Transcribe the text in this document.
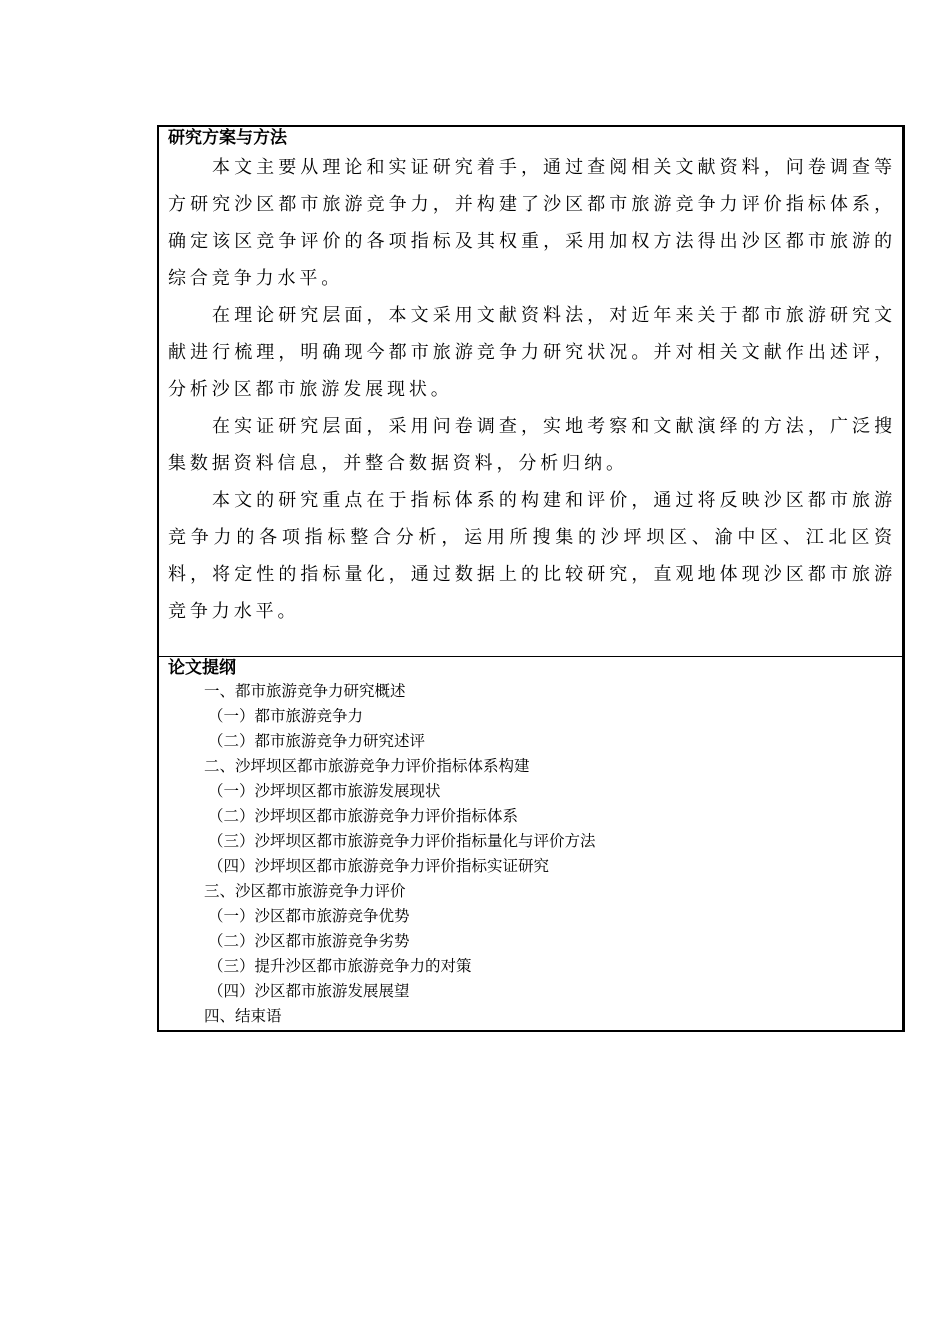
研究方案与方法

本文主要从理论和实证研究着手，通过查阅相关文献资料，问卷调查等方研究沙区都市旅游竞争力，并构建了沙区都市旅游竞争力评价指标体系，确定该区竞争评价的各项指标及其权重，采用加权方法得出沙区都市旅游的综合竞争力水平。

在理论研究层面，本文采用文献资料法，对近年来关于都市旅游研究文献进行梳理，明确现今都市旅游竞争力研究状况。并对相关文献作出述评， 分析沙区都市旅游发展现状。

在实证研究层面，采用问卷调查，实地考察和文献演绎的方法，广泛搜集数据资料信息，并整合数据资料，分析归纳。

本文的研究重点在于指标体系的构建和评价，通过将反映沙区都市旅游竞争力的各项指标整合分析，运用所搜集的沙坪坝区、渝中区、江北区资料，将定性的指标量化，通过数据上的比较研究，直观地体现沙区都市旅游竞争力水平。

论文提纲

一、都市旅游竞争力研究概述
（一）都市旅游竞争力
（二）都市旅游竞争力研究述评
二、沙坪坝区都市旅游竞争力评价指标体系构建
（一）沙坪坝区都市旅游发展现状
（二）沙坪坝区都市旅游竞争力评价指标体系
（三）沙坪坝区都市旅游竞争力评价指标量化与评价方法
（四）沙坪坝区都市旅游竞争力评价指标实证研究
三、沙区都市旅游竞争力评价
（一）沙区都市旅游竞争优势
（二）沙区都市旅游竞争劣势
（三）提升沙区都市旅游竞争力的对策
（四）沙区都市旅游发展展望
四、结束语
